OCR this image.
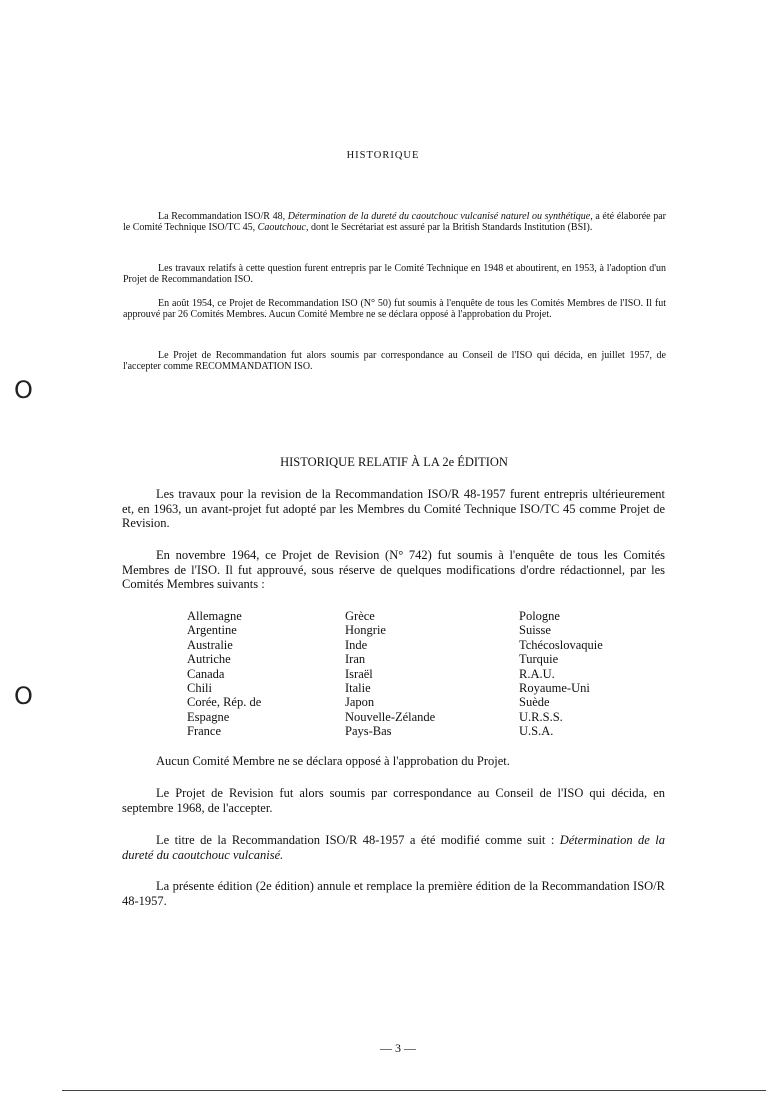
HISTORIQUE
La Recommandation ISO/R 48, Détermination de la dureté du caoutchouc vulcanisé naturel ou synthétique, a été élaborée par le Comité Technique ISO/TC 45, Caoutchouc, dont le Secrétariat est assuré par la British Standards Institution (BSI).
Les travaux relatifs à cette question furent entrepris par le Comité Technique en 1948 et aboutirent, en 1953, à l'adoption d'un Projet de Recommandation ISO.
En août 1954, ce Projet de Recommandation ISO (N° 50) fut soumis à l'enquête de tous les Comités Membres de l'ISO. Il fut approuvé par 26 Comités Membres. Aucun Comité Membre ne se déclara opposé à l'approbation du Projet.
Le Projet de Recommandation fut alors soumis par correspondance au Conseil de l'ISO qui décida, en juillet 1957, de l'accepter comme RECOMMANDATION ISO.
O
HISTORIQUE RELATIF À LA 2e ÉDITION
Les travaux pour la revision de la Recommandation ISO/R 48-1957 furent entrepris ultérieurement et, en 1963, un avant-projet fut adopté par les Membres du Comité Technique ISO/TC 45 comme Projet de Revision.
En novembre 1964, ce Projet de Revision (N° 742) fut soumis à l'enquête de tous les Comités Membres de l'ISO. Il fut approuvé, sous réserve de quelques modifications d'ordre rédactionnel, par les Comités Membres suivants :
Allemagne
Argentine
Australie
Autriche
Canada
Chili
Corée, Rép. de
Espagne
France
Grèce
Hongrie
Inde
Iran
Israël
Italie
Japon
Nouvelle-Zélande
Pays-Bas
Pologne
Suisse
Tchécoslovaquie
Turquie
R.A.U.
Royaume-Uni
Suède
U.R.S.S.
U.S.A.
O
Aucun Comité Membre ne se déclara opposé à l'approbation du Projet.
Le Projet de Revision fut alors soumis par correspondance au Conseil de l'ISO qui décida, en septembre 1968, de l'accepter.
Le titre de la Recommandation ISO/R 48-1957 a été modifié comme suit : Détermination de la dureté du caoutchouc vulcanisé.
La présente édition (2e édition) annule et remplace la première édition de la Recommandation ISO/R 48-1957.
— 3 —
